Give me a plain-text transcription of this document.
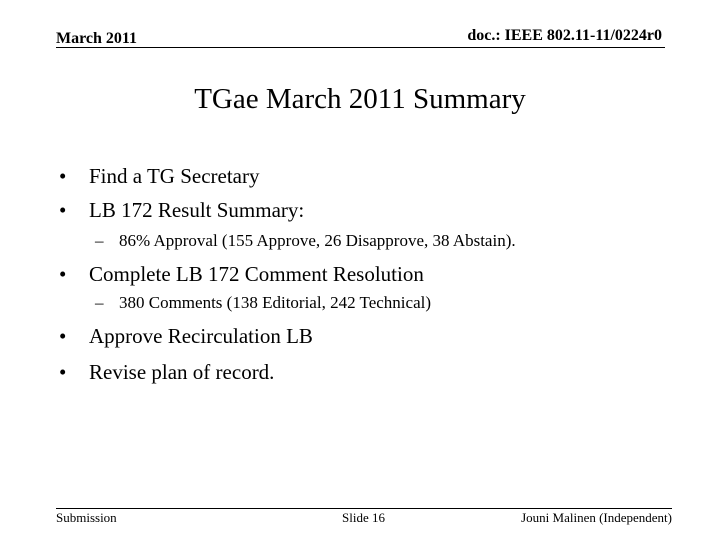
March 2011	doc.: IEEE 802.11-11/0224r0
TGae March 2011 Summary
• Find a TG Secretary
• LB 172 Result Summary:
– 86% Approval (155 Approve, 26 Disapprove, 38 Abstain).
• Complete LB 172 Comment Resolution
– 380 Comments (138 Editorial, 242 Technical)
• Approve Recirculation LB
• Revise plan of record.
Submission	Slide 16	Jouni Malinen (Independent)
